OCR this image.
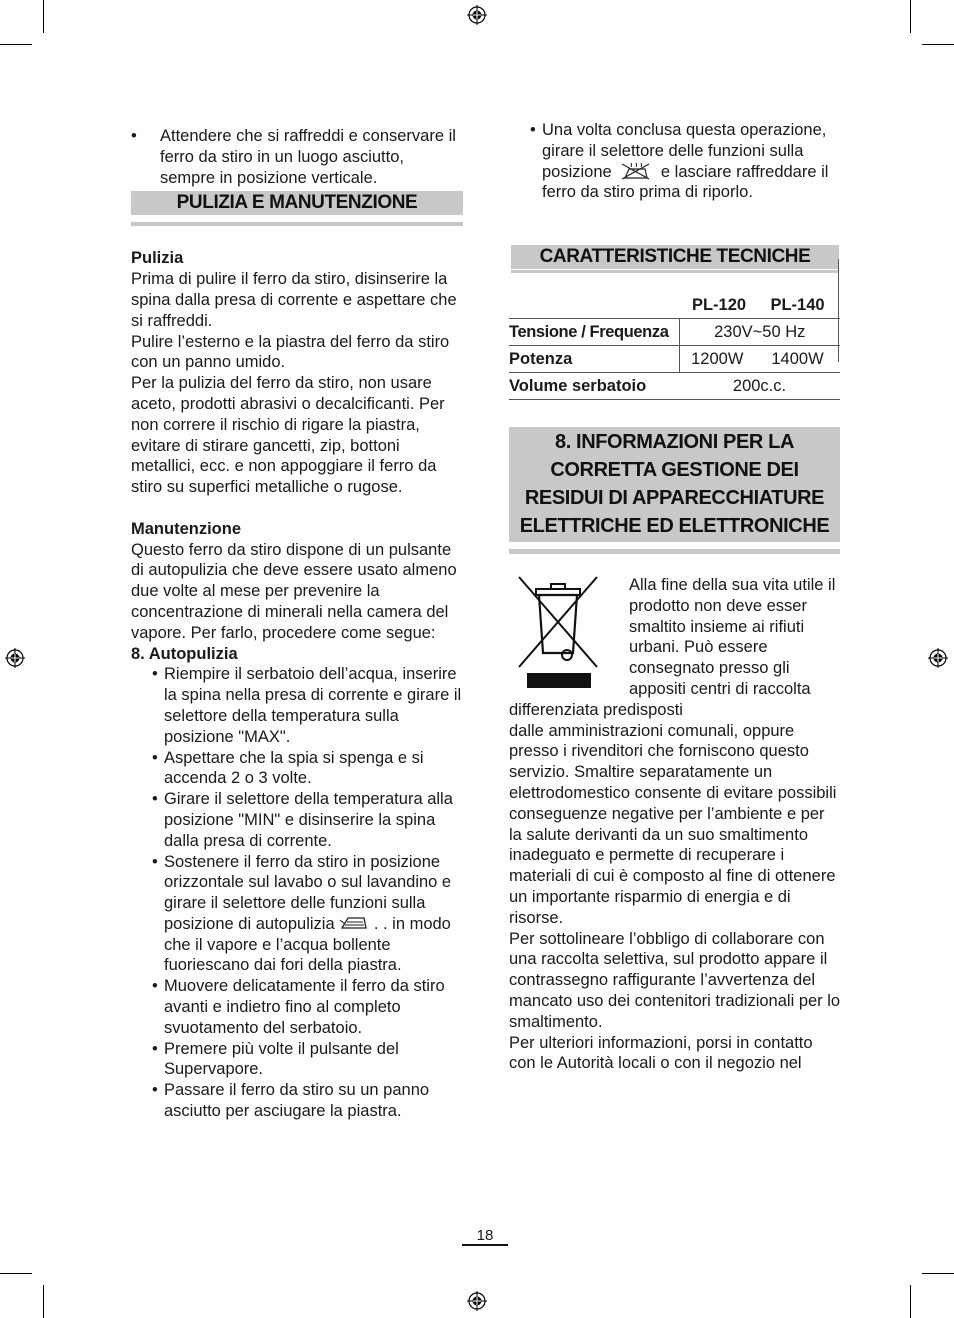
• Attendere che si raffreddi e conservare il ferro da stiro in un luogo asciutto, sempre in posizione verticale.

PULIZIA E MANUTENZIONE
Pulizia

Prima di pulire il ferro da stiro, disinserire la spina dalla presa di corrente e aspettare che si raffreddi.

Pulire l’esterno e la piastra del ferro da stiro con un panno umido.

Per la pulizia del ferro da stiro, non usare aceto, prodotti abrasivi o decalcificanti. Per non correre il rischio di rigare la piastra, evitare di stirare gancetti, zip, bottoni metallici, ecc. e non appoggiare il ferro da stiro su superfici metalliche o rugose.

Manutenzione

Questo ferro da stiro dispone di un pulsante di autopulizia che deve essere usato almeno due volte al mese per prevenire la concentrazione di minerali nella camera del vapore. Per farlo, procedere come segue:

8. Autopulizia
• Riempire il serbatoio dell’acqua, inserire la spina nella presa di corrente e girare il selettore della temperatura sulla posizione "MAX".
• Aspettare che la spia si spenga e si accenda 2 o 3 volte.
• Girare il selettore della temperatura alla posizione "MIN" e disinserire la spina dalla presa di corrente.
• Sostenere il ferro da stiro in posizione orizzontale sul lavabo o sul lavandino e girare il selettore delle funzioni sulla posizione di autopulizia . . in modo che il vapore e l’acqua bollente fuoriescano dai fori della piastra.
• Muovere delicatamente il ferro da stiro avanti e indietro fino al completo svuotamento del serbatoio.
• Premere più volte il pulsante del Supervapore.
• Passare il ferro da stiro su un panno asciutto per asciugare la piastra.
• Una volta conclusa questa operazione, girare il selettore delle funzioni sulla posizione	e lasciare raffreddare il ferro da stiro prima di riporlo.
CARATTERISTICHE TECNICHE
	PL-120	PL-140
Tensione / Frequenza	230V~50 Hz	
Potenza	1200W	1400W
Volume serbatoio	200c.c.	
8. INFORMAZIONI PER LA CORRETTA GESTIONE DEI RESIDUI DI APPARECCHIATURE ELETTRICHE ED ELETTRONICHE

Alla fine della sua vita utile il prodotto non deve esser smaltito insieme ai rifiuti urbani. Può essere consegnato presso gli appositi centri di raccolta differenziata predisposti

dalle amministrazioni comunali, oppure presso i rivenditori che forniscono questo servizio. Smaltire separatamente un elettrodomestico consente di evitare possibili conseguenze negative per l’ambiente e per la salute derivanti da un suo smaltimento inadeguato e permette di recuperare i materiali di cui è composto al fine di ottenere un importante risparmio di energia e di risorse.

Per sottolineare l’obbligo di collaborare con una raccolta selettiva, sul prodotto appare il contrassegno raffigurante l’avvertenza del mancato uso dei contenitori tradizionali per lo smaltimento.

Per ulteriori informazioni, porsi in contatto con le Autorità locali o con il negozio nel

18
